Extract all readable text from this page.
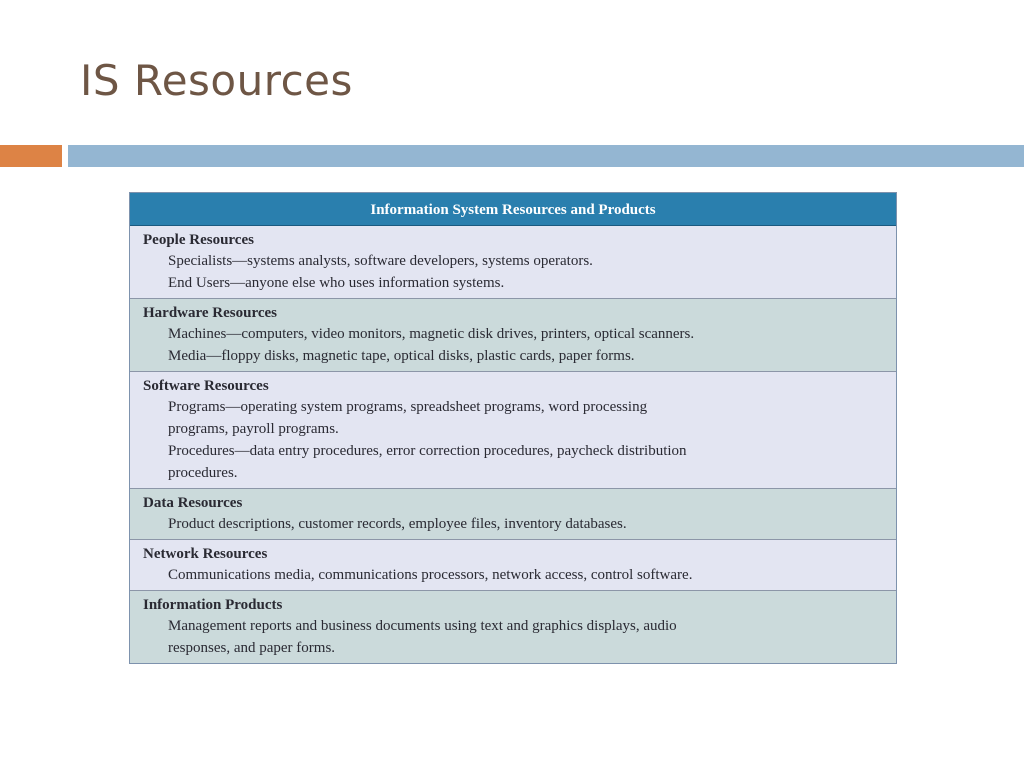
IS Resources
Information System Resources and Products
People Resources
Specialists—systems analysts, software developers, systems operators.
End Users—anyone else who uses information systems.
Hardware Resources
Machines—computers, video monitors, magnetic disk drives, printers, optical scanners.
Media—floppy disks, magnetic tape, optical disks, plastic cards, paper forms.
Software Resources
Programs—operating system programs, spreadsheet programs, word processing
programs, payroll programs.
Procedures—data entry procedures, error correction procedures, paycheck distribution
procedures.
Data Resources
Product descriptions, customer records, employee files, inventory databases.
Network Resources
Communications media, communications processors, network access, control software.
Information Products
Management reports and business documents using text and graphics displays, audio
responses, and paper forms.
